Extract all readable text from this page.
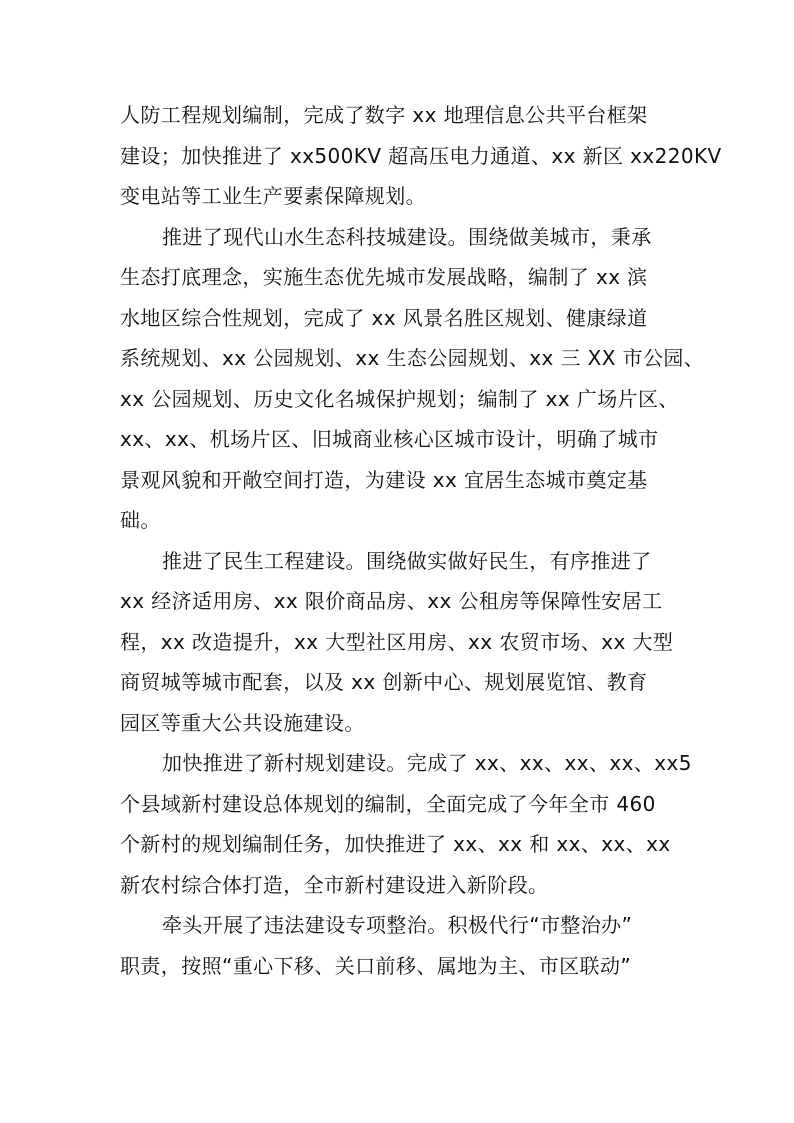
人防工程规划编制，完成了数字 xx 地理信息公共平台框架
建设；加快推进了 xx500KV 超高压电力通道、xx 新区 xx220KV
变电站等工业生产要素保障规划。
推进了现代山水生态科技城建设。围绕做美城市，秉承
生态打底理念，实施生态优先城市发展战略，编制了 xx 滨
水地区综合性规划，完成了 xx 风景名胜区规划、健康绿道
系统规划、xx 公园规划、xx 生态公园规划、xx 三 XX 市公园、
xx 公园规划、历史文化名城保护规划；编制了 xx 广场片区、
xx、xx、机场片区、旧城商业核心区城市设计，明确了城市
景观风貌和开敞空间打造，为建设 xx 宜居生态城市奠定基
础。
推进了民生工程建设。围绕做实做好民生，有序推进了
xx 经济适用房、xx 限价商品房、xx 公租房等保障性安居工
程，xx 改造提升，xx 大型社区用房、xx 农贸市场、xx 大型
商贸城等城市配套，以及 xx 创新中心、规划展览馆、教育
园区等重大公共设施建设。
加快推进了新村规划建设。完成了 xx、xx、xx、xx、xx5
个县域新村建设总体规划的编制，全面完成了今年全市 460
个新村的规划编制任务，加快推进了 xx、xx 和 xx、xx、xx
新农村综合体打造，全市新村建设进入新阶段。
牵头开展了违法建设专项整治。积极代行“市整治办”
职责，按照“重心下移、关口前移、属地为主、市区联动”
